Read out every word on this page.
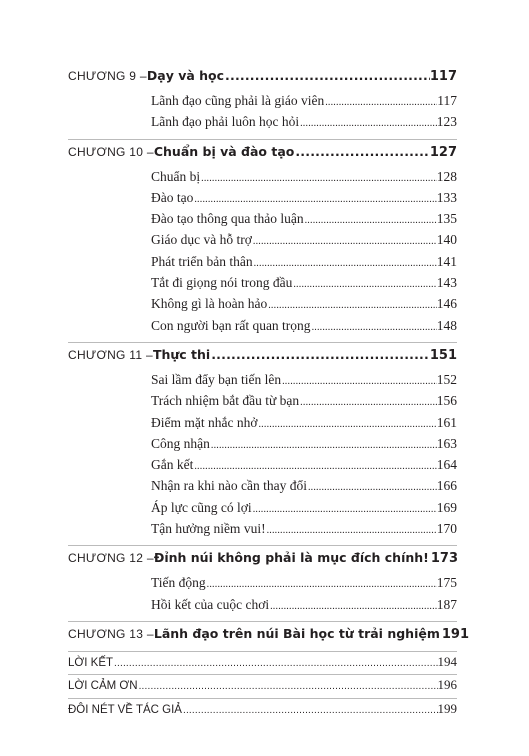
CHƯƠNG 9 – Dạy và học .....	117
Lãnh đạo cũng phải là giáo viên .....	117
Lãnh đạo phải luôn học hỏi .....	123
CHƯƠNG 10 – Chuẩn bị và đào tạo .....	127
Chuẩn bị .....	128
Đào tạo .....	133
Đào tạo thông qua thảo luận .....	135
Giáo dục và hỗ trợ .....	140
Phát triển bản thân .....	141
Tắt đi giọng nói trong đầu .....	143
Không gì là hoàn hảo .....	146
Con người bạn rất quan trọng .....	148
CHƯƠNG 11 – Thực thi .....	151
Sai lầm đẩy bạn tiến lên .....	152
Trách nhiệm bắt đầu từ bạn .....	156
Điểm mặt nhắc nhở .....	161
Công nhận .....	163
Gắn kết .....	164
Nhận ra khi nào cần thay đổi .....	166
Áp lực cũng có lợi .....	169
Tận hưởng niềm vui! .....	170
CHƯƠNG 12 – Đỉnh núi không phải là mục đích chính! ..... 173
Tiến động .....	175
Hồi kết của cuộc chơi .....	187
CHƯƠNG 13 – Lãnh đạo trên núi Bài học từ trải nghiệm ..... 191
LỜI KẾT .....	194
LỜI CẢM ƠN .....	196
ĐÔI NÉT VỀ TÁC GIẢ .....	199
